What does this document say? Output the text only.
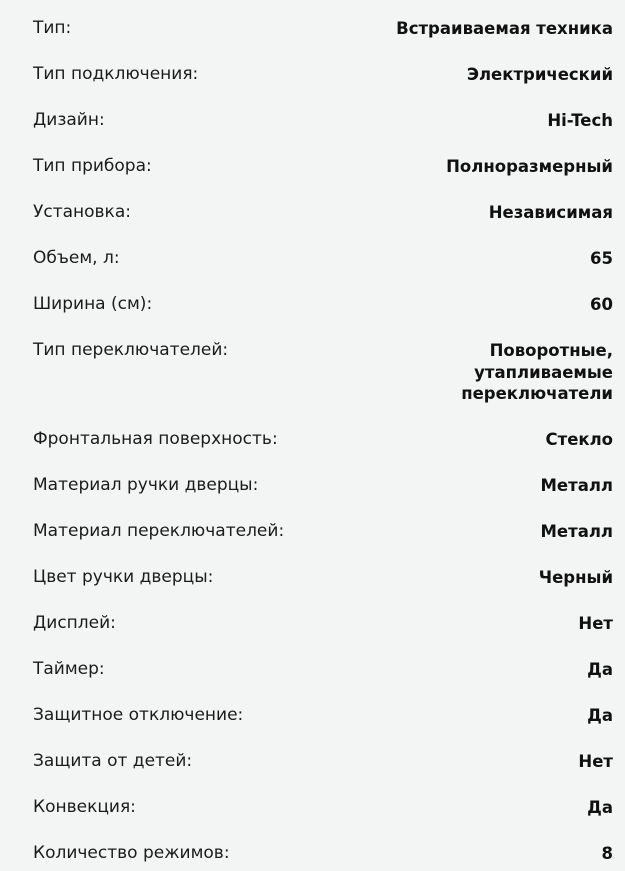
Тип:	Встраиваемая техника
Тип подключения:	Электрический
Дизайн:	Hi-Tech
Тип прибора:	Полноразмерный
Установка:	Независимая
Объем, л:	65
Ширина (см):	60
Тип переключателей:	Поворотные,
утапливаемые
переключатели
Фронтальная поверхность:	Стекло
Материал ручки дверцы:	Металл
Материал переключателей:	Металл
Цвет ручки дверцы:	Черный
Дисплей:	Нет
Таймер:	Да
Защитное отключение:	Да
Защита от детей:	Нет
Конвекция:	Да
Количество режимов:	8
